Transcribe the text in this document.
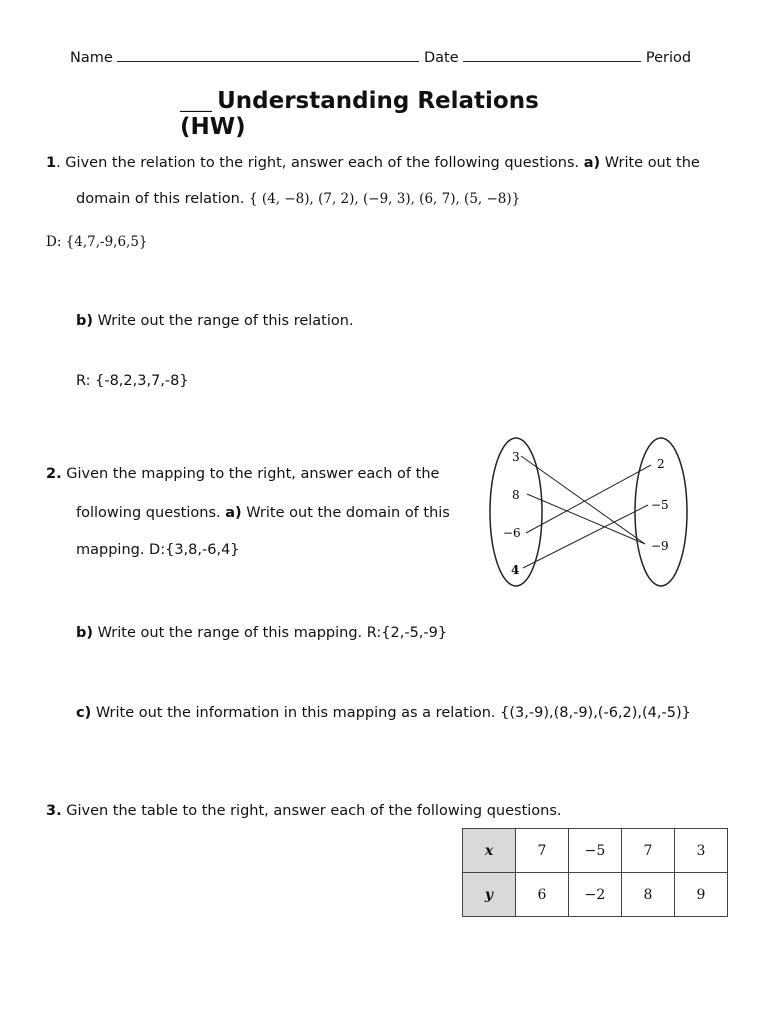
Name	Date	Period
____ Understanding Relations (HW)
1. Given the relation to the right, answer each of the following questions. a) Write out the
domain of this relation. { (4, −8), (7, 2), (−9, 3), (6, 7), (5, −8)}
D: {4,7,-9,6,5}
b) Write out the range of this relation.
R: {-8,2,3,7,-8}
2. Given the mapping to the right, answer each of the
following questions. a) Write out the domain of this
mapping. D:{3,8,-6,4}
3
8
−6
4
2
−5
−9
b) Write out the range of this mapping. R:{2,-5,-9}
c) Write out the information in this mapping as a relation. {(3,-9),(8,-9),(-6,2),(4,-5)}
3. Given the table to the right, answer each of the following questions.
x	7	−5	7	3
y	6	−2	8	9
